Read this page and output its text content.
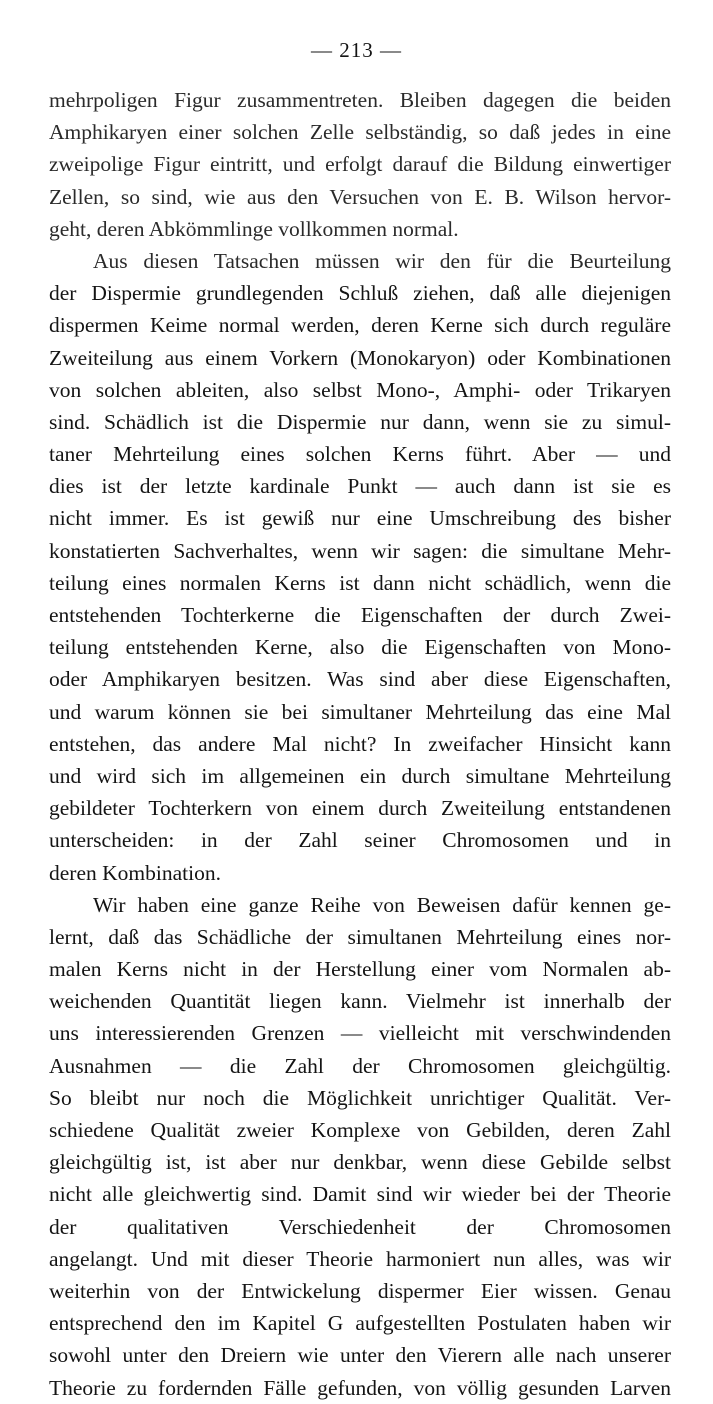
— 213 —
mehrpoligen Figur zusammentreten. Bleiben dagegen die beiden
Amphikaryen einer solchen Zelle selbständig, so daß jedes in eine
zweipolige Figur eintritt, und erfolgt darauf die Bildung einwertiger
Zellen, so sind, wie aus den Versuchen von E. B. Wilson hervor-
geht, deren Abkömmlinge vollkommen normal.
Aus diesen Tatsachen müssen wir den für die Beurteilung
der Dispermie grundlegenden Schluß ziehen, daß alle diejenigen
dispermen Keime normal werden, deren Kerne sich durch reguläre
Zweiteilung aus einem Vorkern (Monokaryon) oder Kombinationen
von solchen ableiten, also selbst Mono-, Amphi- oder Trikaryen
sind. Schädlich ist die Dispermie nur dann, wenn sie zu simul-
taner Mehrteilung eines solchen Kerns führt. Aber — und
dies ist der letzte kardinale Punkt — auch dann ist sie es
nicht immer. Es ist gewiß nur eine Umschreibung des bisher
konstatierten Sachverhaltes, wenn wir sagen: die simultane Mehr-
teilung eines normalen Kerns ist dann nicht schädlich, wenn die
entstehenden Tochterkerne die Eigenschaften der durch Zwei-
teilung entstehenden Kerne, also die Eigenschaften von Mono-
oder Amphikaryen besitzen. Was sind aber diese Eigenschaften,
und warum können sie bei simultaner Mehrteilung das eine Mal
entstehen, das andere Mal nicht? In zweifacher Hinsicht kann
und wird sich im allgemeinen ein durch simultane Mehrteilung
gebildeter Tochterkern von einem durch Zweiteilung entstandenen
unterscheiden: in der Zahl seiner Chromosomen und in
deren Kombination.
Wir haben eine ganze Reihe von Beweisen dafür kennen ge-
lernt, daß das Schädliche der simultanen Mehrteilung eines nor-
malen Kerns nicht in der Herstellung einer vom Normalen ab-
weichenden Quantität liegen kann. Vielmehr ist innerhalb der
uns interessierenden Grenzen — vielleicht mit verschwindenden
Ausnahmen — die Zahl der Chromosomen gleichgültig.
So bleibt nur noch die Möglichkeit unrichtiger Qualität. Ver-
schiedene Qualität zweier Komplexe von Gebilden, deren Zahl
gleichgültig ist, ist aber nur denkbar, wenn diese Gebilde selbst
nicht alle gleichwertig sind. Damit sind wir wieder bei der Theorie
der qualitativen Verschiedenheit der Chromosomen
angelangt. Und mit dieser Theorie harmoniert nun alles, was wir
weiterhin von der Entwickelung dispermer Eier wissen. Genau
entsprechend den im Kapitel G aufgestellten Postulaten haben wir
sowohl unter den Dreiern wie unter den Vierern alle nach unserer
Theorie zu fordernden Fälle gefunden, von völlig gesunden Larven
